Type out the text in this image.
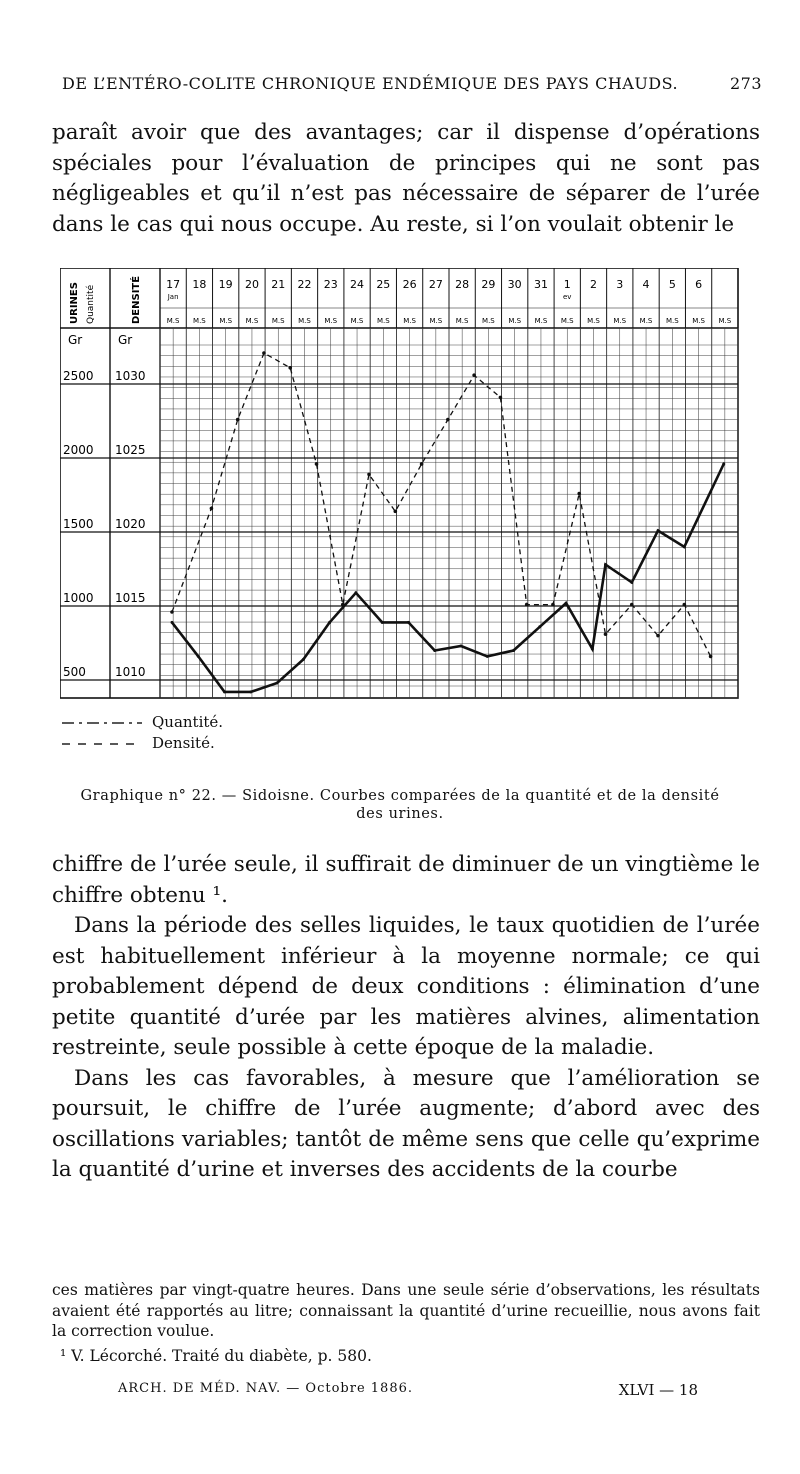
DE L’ENTÉRO-COLITE CHRONIQUE ENDÉMIQUE DES PAYS CHAUDS.	273

paraît avoir que des avantages; car il dispense d’opérations spéciales pour l’évaluation de principes qui ne sont pas négligeables et qu’il n’est pas nécessaire de séparer de l’urée dans le cas qui nous occupe. Au reste, si l’on voulait obtenir le

URINES Quantité	DENSITÉ
Gr	Gr
2500
2000
1500
1000
500
1030
1025
1020
1015
1010
17
M.S
18
M.S
19
M.S
20
M.S
21
M.S
22
M.S
23
M.S
24
M.S
25
M.S
26
M.S
27
M.S
28
M.S
29
M.S
30
M.S
31
M.S
1
M.S
2
M.S
3
M.S
4
M.S
5
M.S
6
M.S M.S
Jan	ev
Quantité.
Densité.
Graphique n° 22. — Sidoisne. Courbes comparées de la quantité et de la densité
des urines.
chiffre de l’urée seule, il suffirait de diminuer de un vingtième le chiffre obtenu ¹.
Dans la période des selles liquides, le taux quotidien de l’urée est habituellement inférieur à la moyenne normale; ce qui probablement dépend de deux conditions : élimination d’une petite quantité d’urée par les matières alvines, alimentation restreinte, seule possible à cette époque de la maladie.
Dans les cas favorables, à mesure que l’amélioration se poursuit, le chiffre de l’urée augmente; d’abord avec des oscillations variables; tantôt de même sens que celle qu’exprime la quantité d’urine et inverses des accidents de la courbe

ces matières par vingt-quatre heures. Dans une seule série d’observations, les résultats avaient été rapportés au litre; connaissant la quantité d’urine recueillie, nous avons fait la correction voulue.

¹ V. Lécorché. Traité du diabète, p. 580.
ARCH. DE MÉD. NAV. — Octobre 1886.	XLVI — 18
